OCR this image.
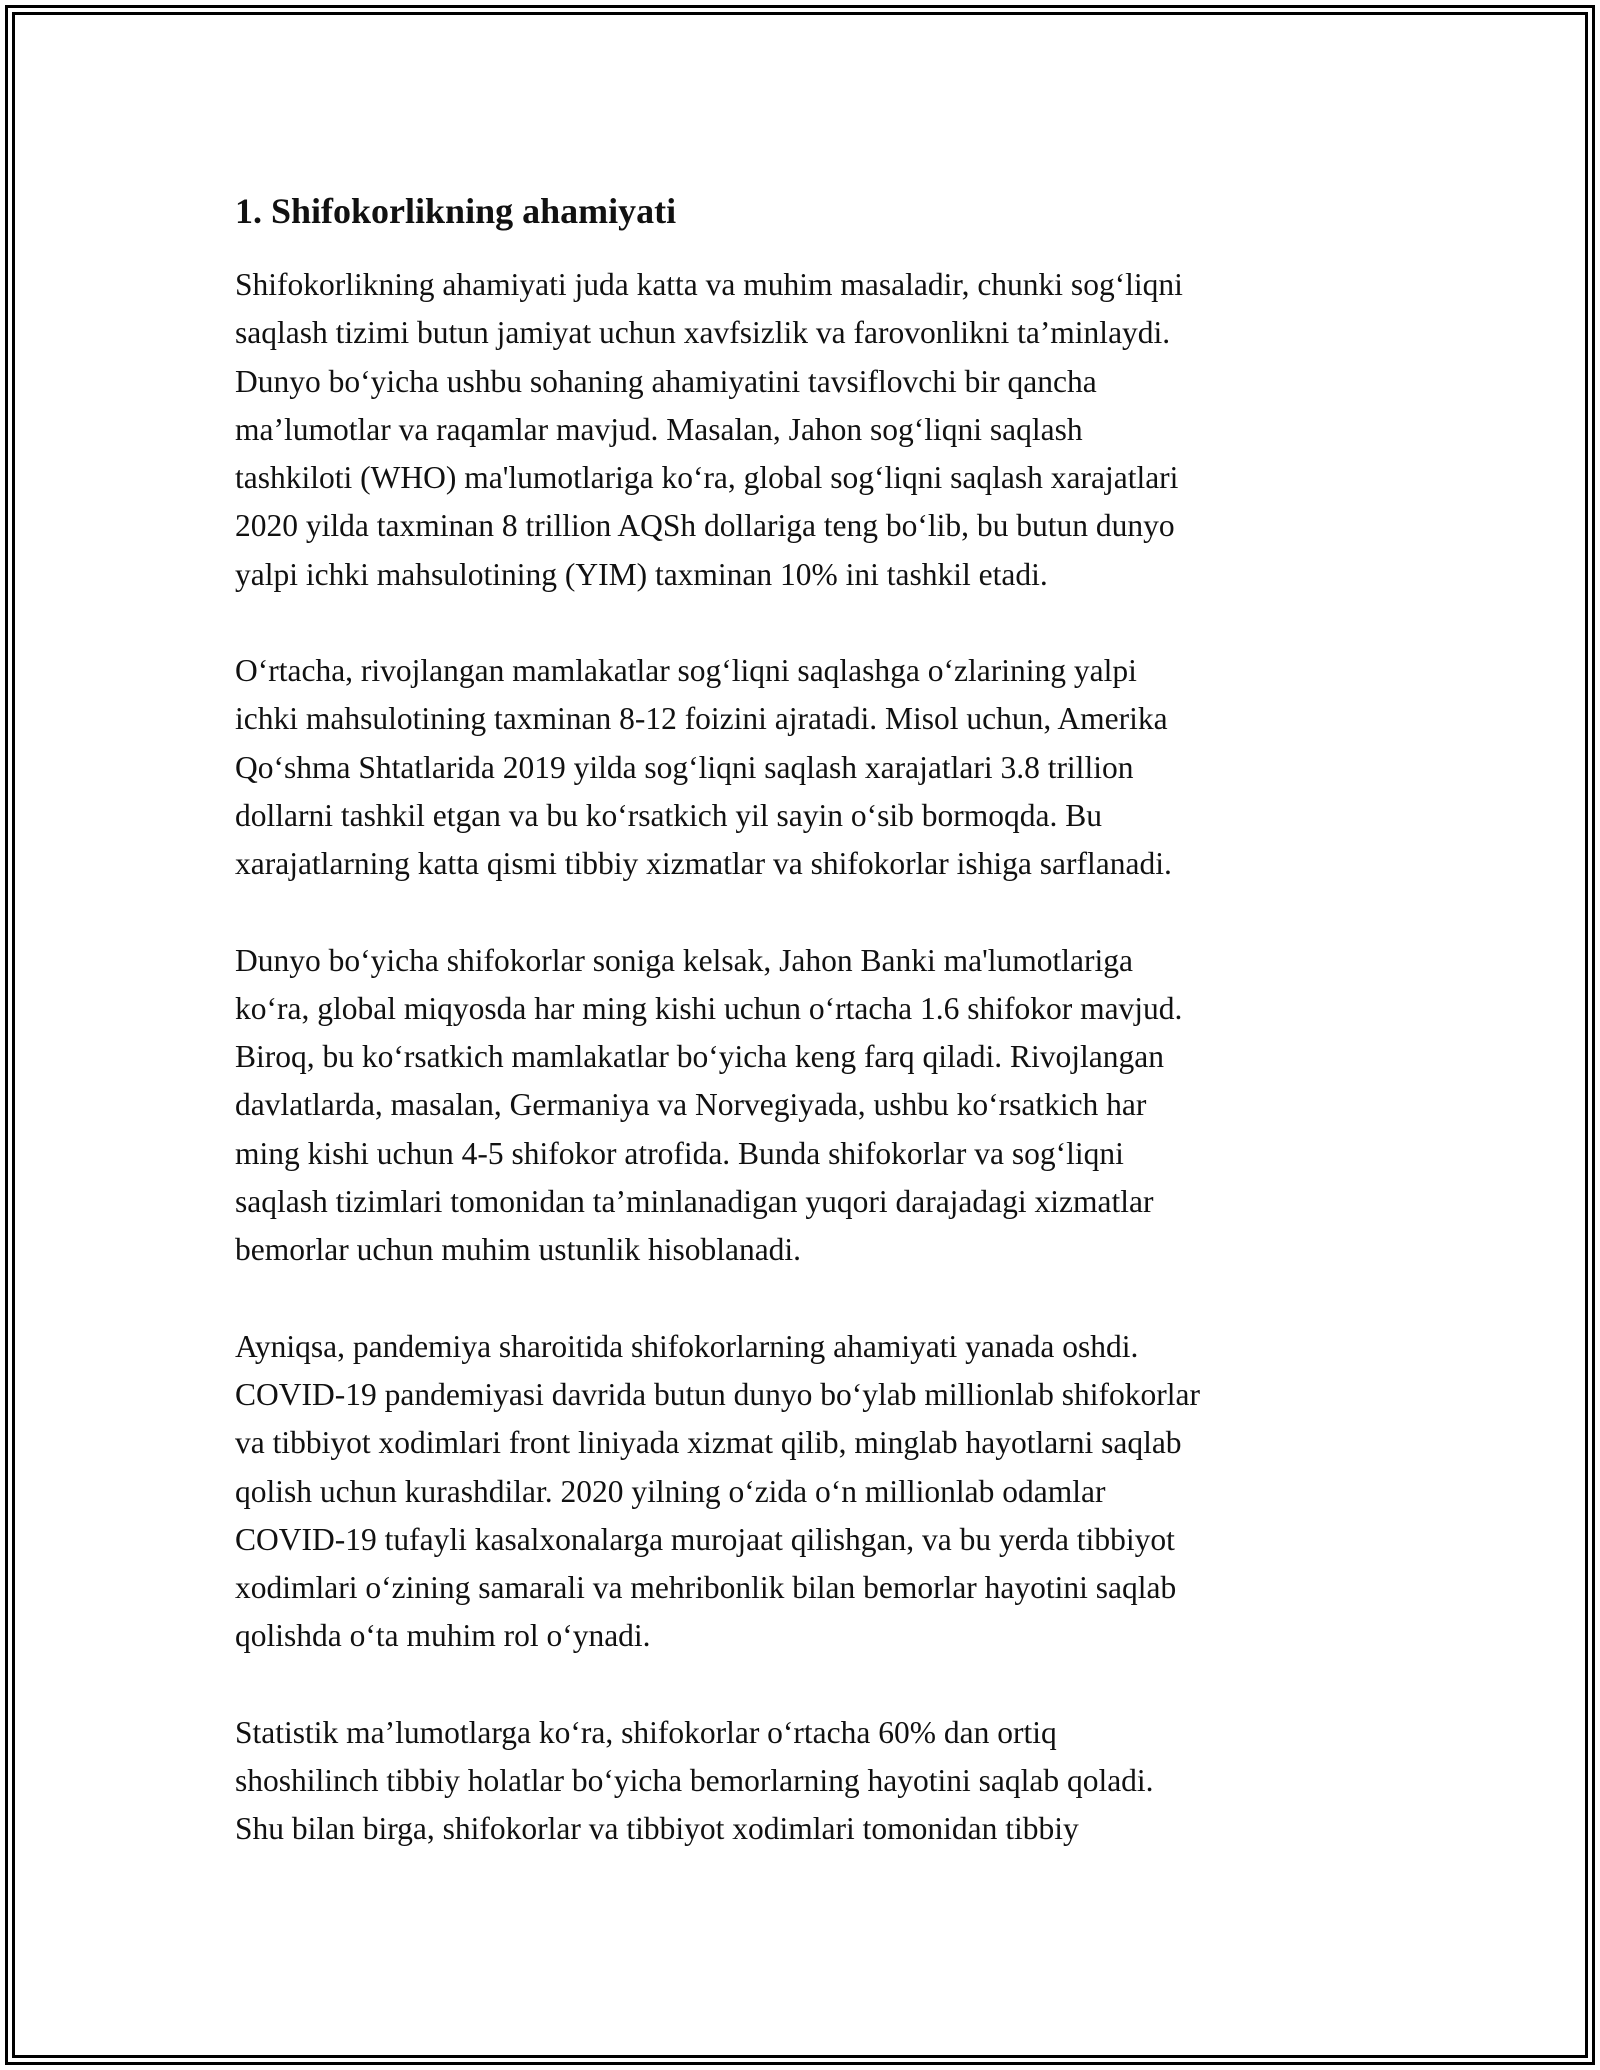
1. Shifokorlikning ahamiyati
Shifokorlikning ahamiyati juda katta va muhim masaladir, chunki sog‘liqni
saqlash tizimi butun jamiyat uchun xavfsizlik va farovonlikni ta’minlaydi.
Dunyo bo‘yicha ushbu sohaning ahamiyatini tavsiflovchi bir qancha
ma’lumotlar va raqamlar mavjud. Masalan, Jahon sog‘liqni saqlash
tashkiloti (WHO) ma'lumotlariga ko‘ra, global sog‘liqni saqlash xarajatlari
2020 yilda taxminan 8 trillion AQSh dollariga teng bo‘lib, bu butun dunyo
yalpi ichki mahsulotining (YIM) taxminan 10% ini tashkil etadi.
O‘rtacha, rivojlangan mamlakatlar sog‘liqni saqlashga o‘zlarining yalpi
ichki mahsulotining taxminan 8-12 foizini ajratadi. Misol uchun, Amerika
Qo‘shma Shtatlarida 2019 yilda sog‘liqni saqlash xarajatlari 3.8 trillion
dollarni tashkil etgan va bu ko‘rsatkich yil sayin o‘sib bormoqda. Bu
xarajatlarning katta qismi tibbiy xizmatlar va shifokorlar ishiga sarflanadi.
Dunyo bo‘yicha shifokorlar soniga kelsak, Jahon Banki ma'lumotlariga
ko‘ra, global miqyosda har ming kishi uchun o‘rtacha 1.6 shifokor mavjud.
Biroq, bu ko‘rsatkich mamlakatlar bo‘yicha keng farq qiladi. Rivojlangan
davlatlarda, masalan, Germaniya va Norvegiyada, ushbu ko‘rsatkich har
ming kishi uchun 4-5 shifokor atrofida. Bunda shifokorlar va sog‘liqni
saqlash tizimlari tomonidan ta’minlanadigan yuqori darajadagi xizmatlar
bemorlar uchun muhim ustunlik hisoblanadi.
Ayniqsa, pandemiya sharoitida shifokorlarning ahamiyati yanada oshdi.
COVID-19 pandemiyasi davrida butun dunyo bo‘ylab millionlab shifokorlar
va tibbiyot xodimlari front liniyada xizmat qilib, minglab hayotlarni saqlab
qolish uchun kurashdilar. 2020 yilning o‘zida o‘n millionlab odamlar
COVID-19 tufayli kasalxonalarga murojaat qilishgan, va bu yerda tibbiyot
xodimlari o‘zining samarali va mehribonlik bilan bemorlar hayotini saqlab
qolishda o‘ta muhim rol o‘ynadi.
Statistik ma’lumotlarga ko‘ra, shifokorlar o‘rtacha 60% dan ortiq
shoshilinch tibbiy holatlar bo‘yicha bemorlarning hayotini saqlab qoladi.
Shu bilan birga, shifokorlar va tibbiyot xodimlari tomonidan tibbiy
